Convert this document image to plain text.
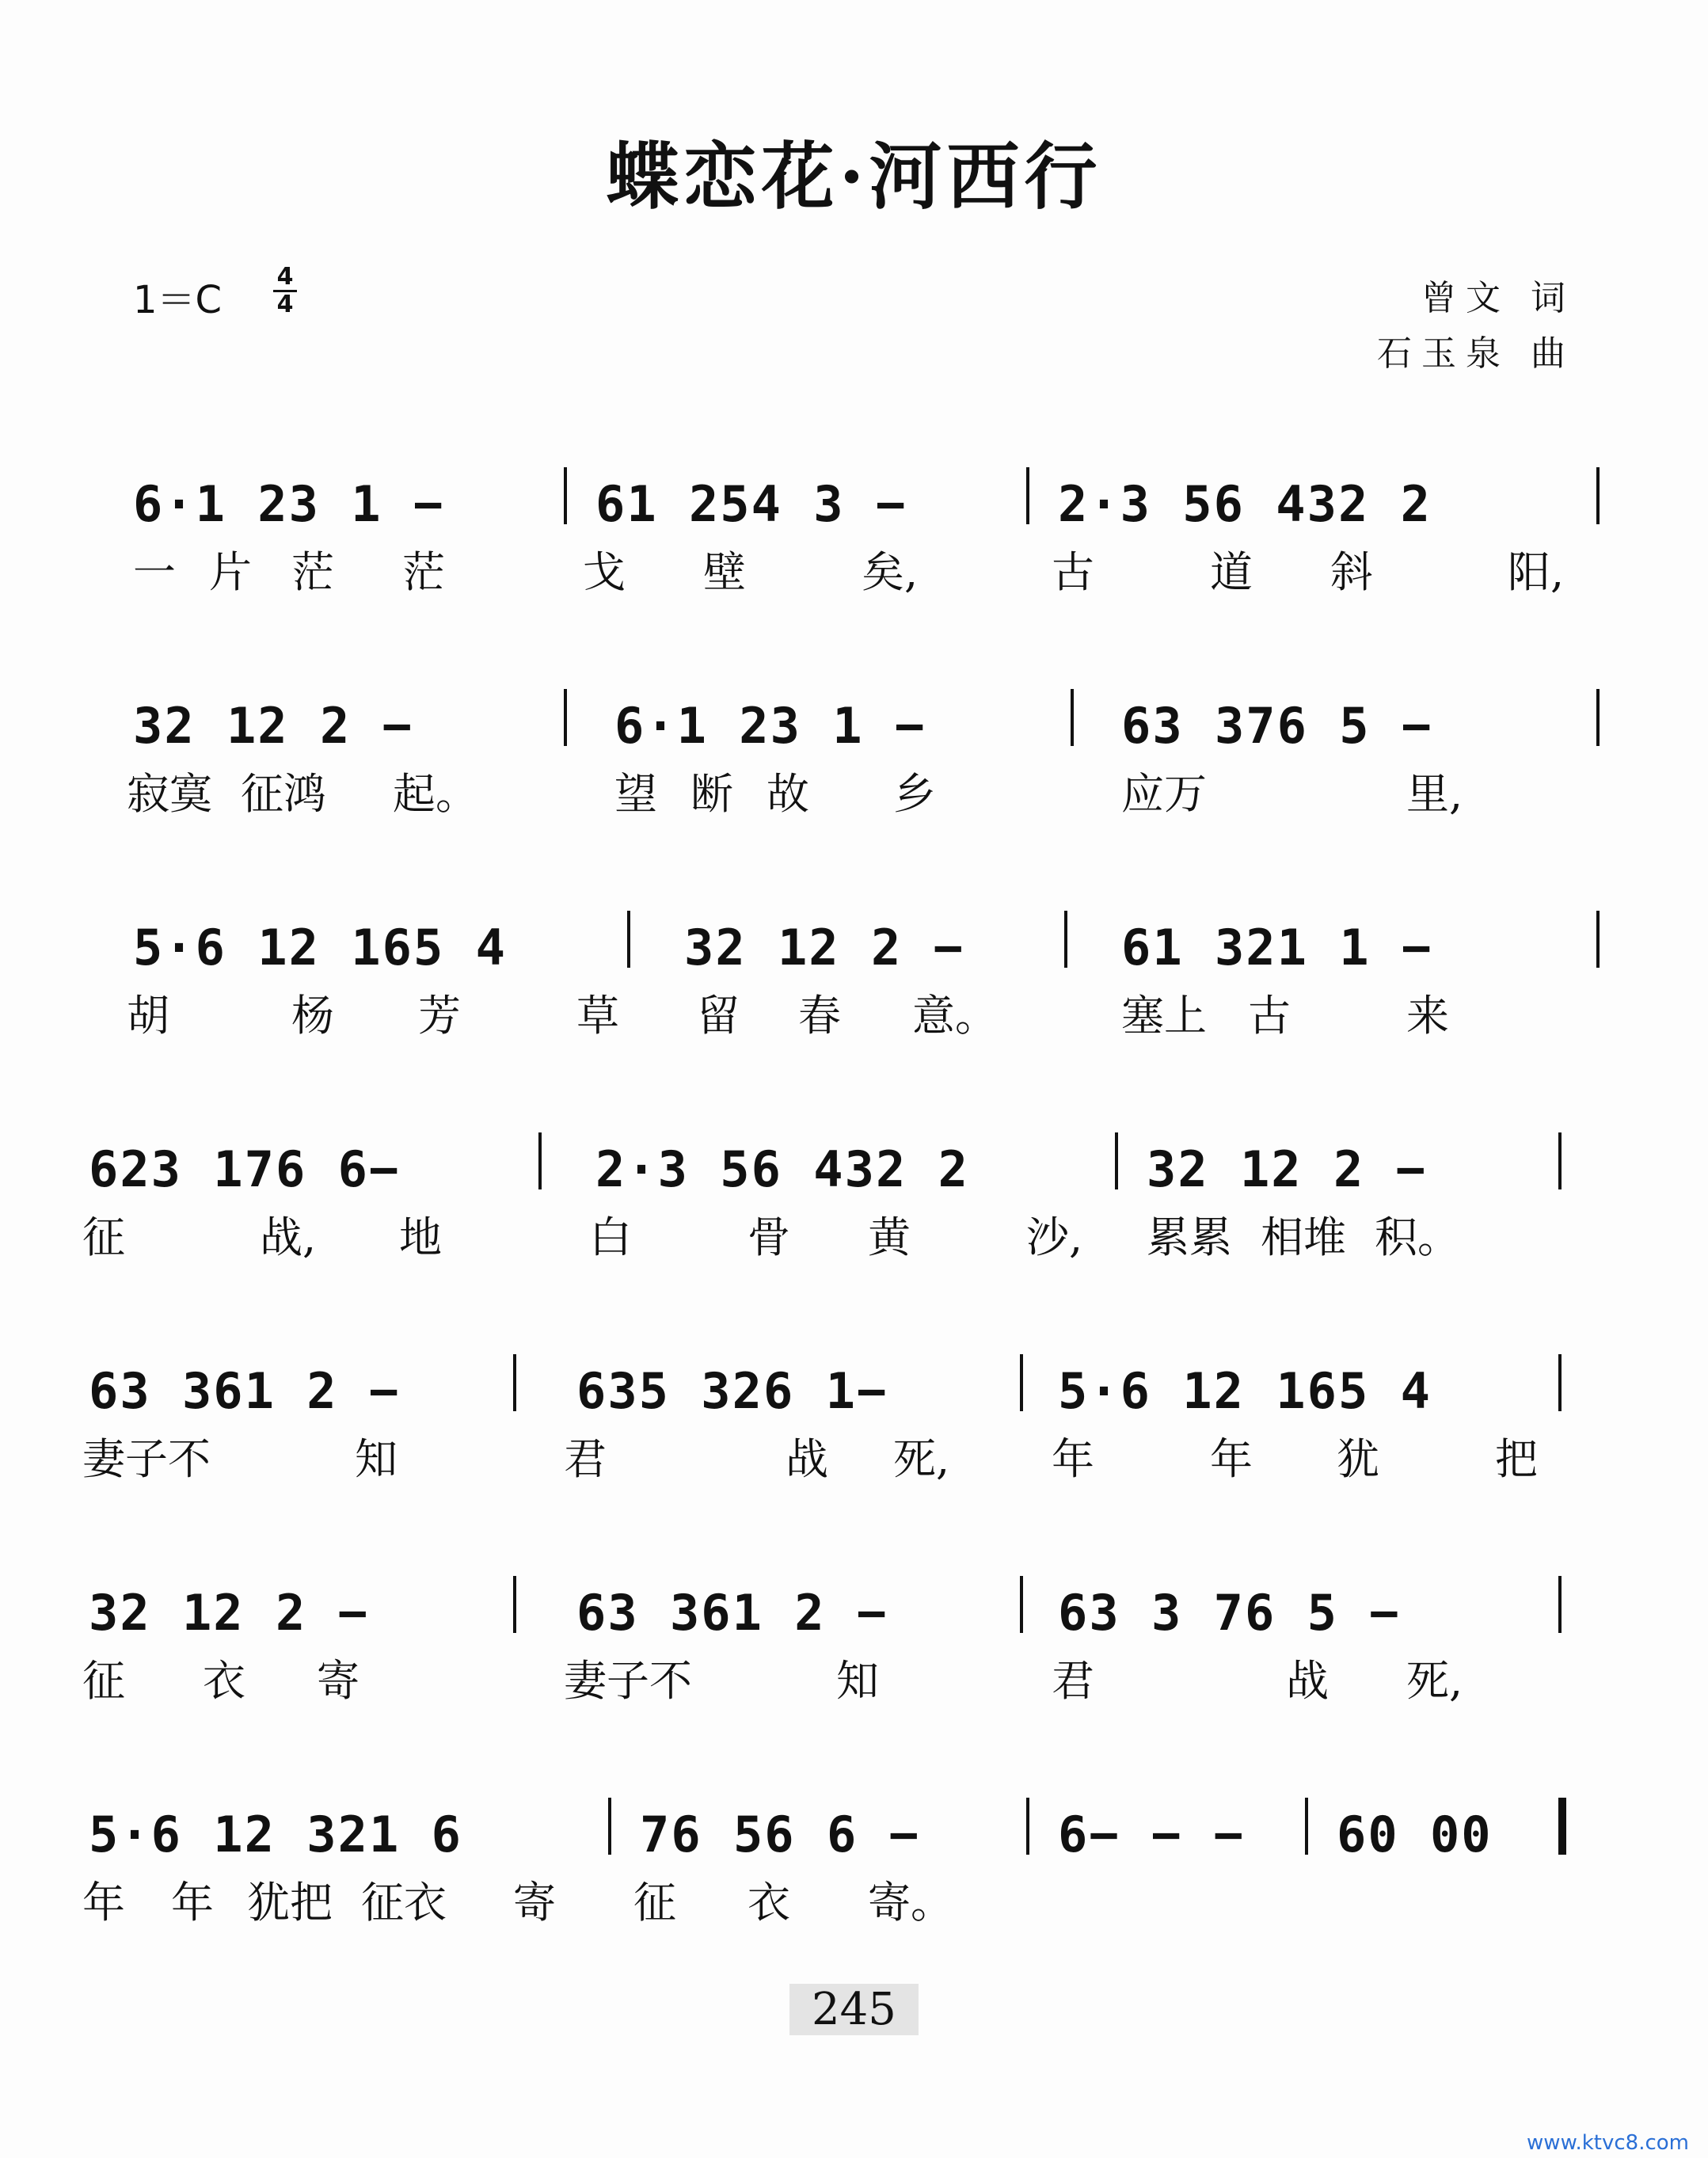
蝶恋花·河西行
1＝C
4
4	曾文 词
石玉泉 曲
6·1 23 1 −	61 254 3 −	2·3 56 432 2
一 片 茫 茫	戈 壁	矣,	古	道 斜	阳,
32 12 2 −	6·1 23 1 −	63 376 5 −
寂寞 征鸿 起。	望 断 故 乡	应万	里,
5·6 12 165 4	32 12 2 −	61 321 1 −
胡	杨 芳	草 留 春 意。	塞上 古	来
623 176 6−	2·3 56 432 2	32 12 2 −
征	战, 地	白	骨 黄	沙, 累累 相堆 积。
63 361 2 −	635 326 1−	5·6 12 165 4
妻子不	知	君	战 死, 年	年 犹	把
32 12 2 −	63 361 2 −	63 3 76 5 −
征 衣 寄	妻子不	知	君	战 死,
5·6 12 321 6	76 56 6 −	6− − − 60 00
年 年 犹把 征衣 寄 征 衣 寄。
245
www.ktvc8.com
